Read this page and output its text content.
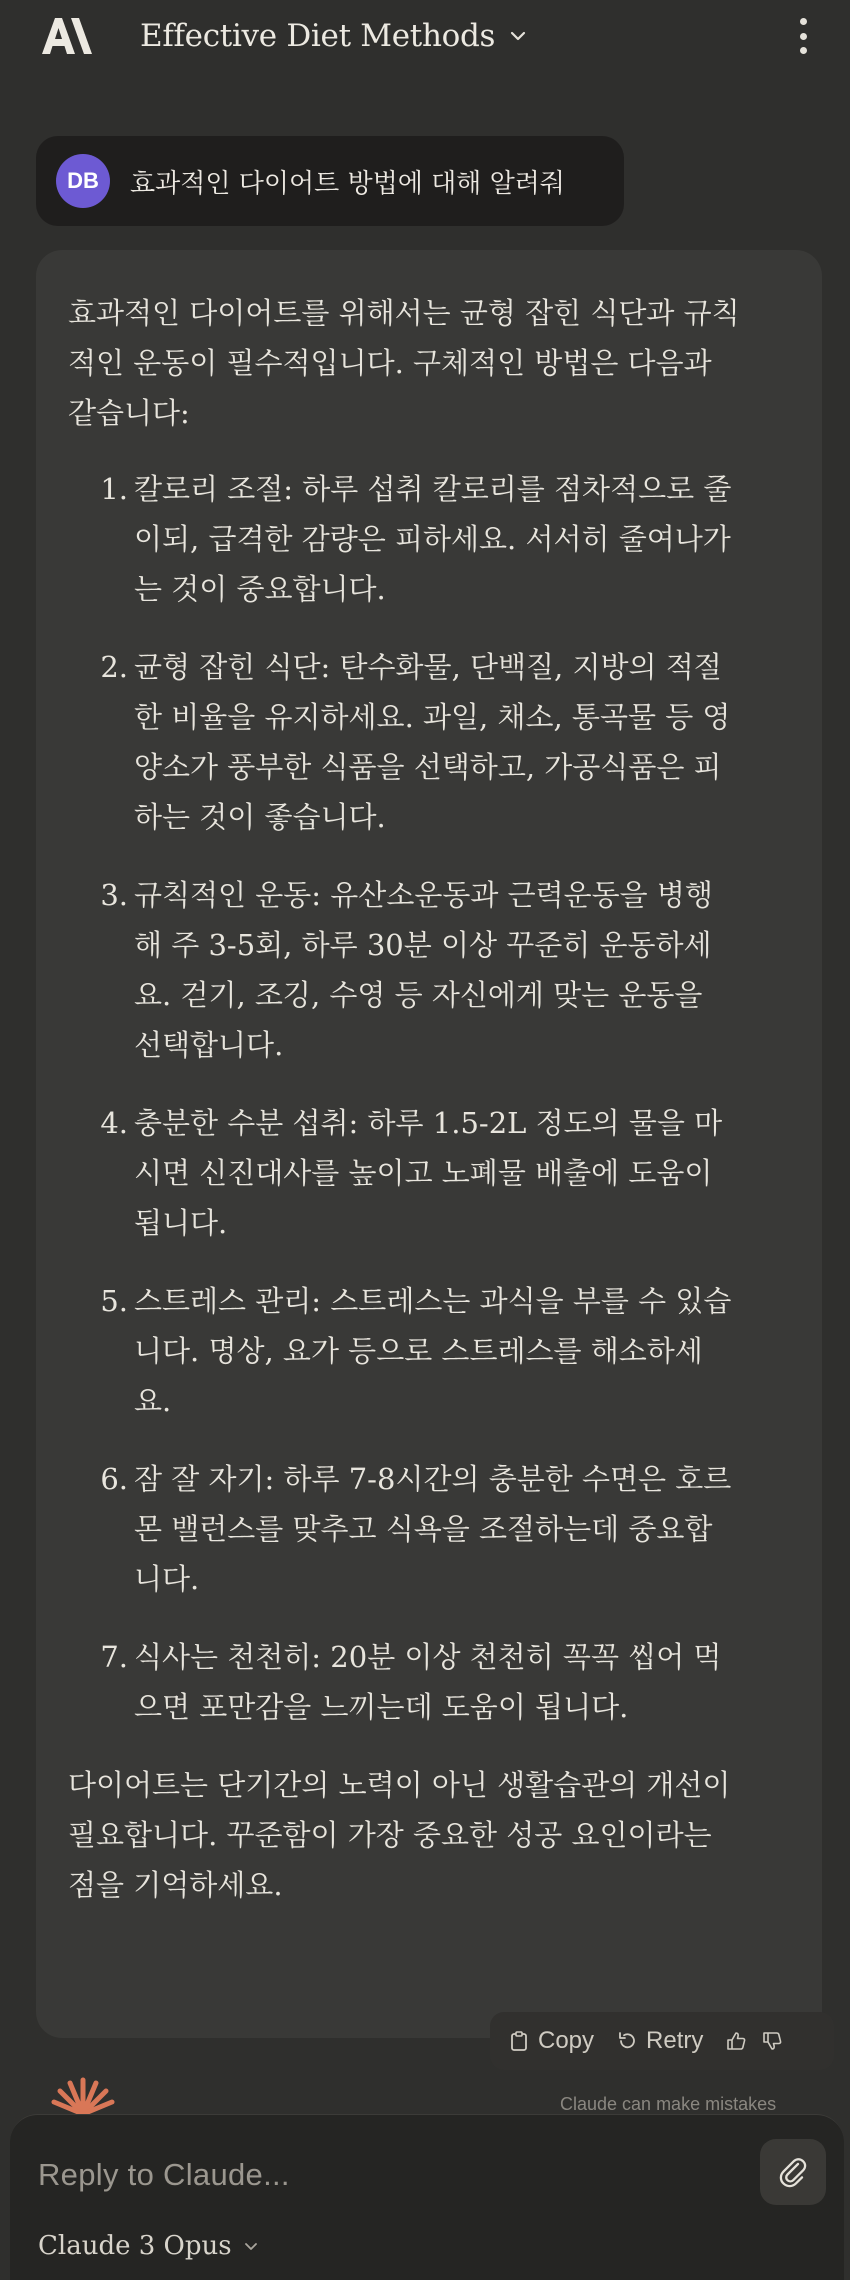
Effective Diet Methods
DB	효과적인 다이어트 방법에 대해 알려줘
효과적인 다이어트를 위해서는 균형 잡힌 식단과 규칙적인 운동이 필수적입니다. 구체적인 방법은 다음과 같습니다:
1. 칼로리 조절: 하루 섭취 칼로리를 점차적으로 줄이되, 급격한 감량은 피하세요. 서서히 줄여나가는 것이 중요합니다.
2. 균형 잡힌 식단: 탄수화물, 단백질, 지방의 적절한 비율을 유지하세요. 과일, 채소, 통곡물 등 영양소가 풍부한 식품을 선택하고, 가공식품은 피하는 것이 좋습니다.
3. 규칙적인 운동: 유산소운동과 근력운동을 병행해 주 3-5회, 하루 30분 이상 꾸준히 운동하세요. 걷기, 조깅, 수영 등 자신에게 맞는 운동을 선택합니다.
4. 충분한 수분 섭취: 하루 1.5-2L 정도의 물을 마시면 신진대사를 높이고 노폐물 배출에 도움이 됩니다.
5. 스트레스 관리: 스트레스는 과식을 부를 수 있습니다. 명상, 요가 등으로 스트레스를 해소하세요.
6. 잠 잘 자기: 하루 7-8시간의 충분한 수면은 호르몬 밸런스를 맞추고 식욕을 조절하는데 중요합니다.
7. 식사는 천천히: 20분 이상 천천히 꼭꼭 씹어 먹으면 포만감을 느끼는데 도움이 됩니다.
다이어트는 단기간의 노력이 아닌 생활습관의 개선이 필요합니다. 꾸준함이 가장 중요한 성공 요인이라는 점을 기억하세요.
Copy Retry
Claude can make mistakes
Reply to Claude...
Claude 3 Opus
